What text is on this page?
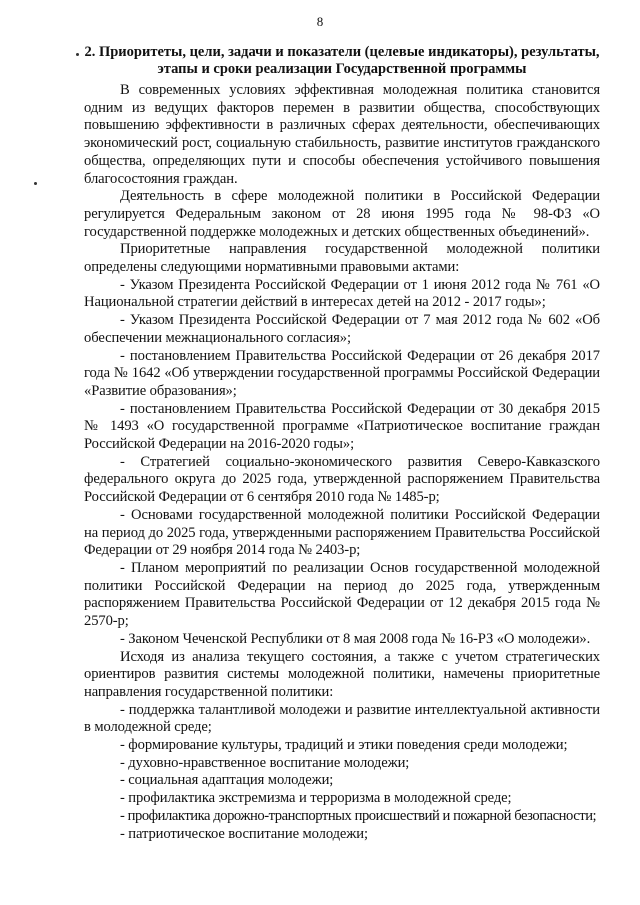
8
2. Приоритеты, цели, задачи и показатели (целевые индикаторы), результаты, этапы и сроки реализации Государственной программы

В современных условиях эффективная молодежная политика становится одним из ведущих факторов перемен в развитии общества, способствующих повышению эффективности в различных сферах деятельности, обеспечивающих экономический рост, социальную стабильность, развитие институтов гражданского общества, определяющих пути и способы обеспечения устойчивого повышения благосостояния граждан.

Деятельность в сфере молодежной политики в Российской Федерации регулируется Федеральным законом от 28 июня 1995 года № 98-ФЗ «О государственной поддержке молодежных и детских общественных объединений».

Приоритетные направления государственной молодежной политики определены следующими нормативными правовыми актами:

- Указом Президента Российской Федерации от 1 июня 2012 года № 761 «О Национальной стратегии действий в интересах детей на 2012 - 2017 годы»;

- Указом Президента Российской Федерации от 7 мая 2012 года № 602 «Об обеспечении межнационального согласия»;

- постановлением Правительства Российской Федерации от 26 декабря 2017 года № 1642 «Об утверждении государственной программы Российской Федерации «Развитие образования»;

- постановлением Правительства Российской Федерации от 30 декабря 2015 № 1493 «О государственной программе «Патриотическое воспитание граждан Российской Федерации на 2016-2020 годы»;

- Стратегией социально-экономического развития Северо-Кавказского федерального округа до 2025 года, утвержденной распоряжением Правительства Российской Федерации от 6 сентября 2010 года № 1485-р;

- Основами государственной молодежной политики Российской Федерации на период до 2025 года, утвержденными распоряжением Правительства Российской Федерации от 29 ноября 2014 года № 2403-р;

- Планом мероприятий по реализации Основ государственной молодежной политики Российской Федерации на период до 2025 года, утвержденным распоряжением Правительства Российской Федерации от 12 декабря 2015 года № 2570-р;

- Законом Чеченской Республики от 8 мая 2008 года № 16-РЗ «О молодежи».

Исходя из анализа текущего состояния, а также с учетом стратегических ориентиров развития системы молодежной политики, намечены приоритетные направления государственной политики:

- поддержка талантливой молодежи и развитие интеллектуальной активности в молодежной среде;

- формирование культуры, традиций и этики поведения среди молодежи;

- духовно-нравственное воспитание молодежи;

- социальная адаптация молодежи;

- профилактика экстремизма и терроризма в молодежной среде;

- профилактика дорожно-транспортных происшествий и пожарной безопасности;

- патриотическое воспитание молодежи;
